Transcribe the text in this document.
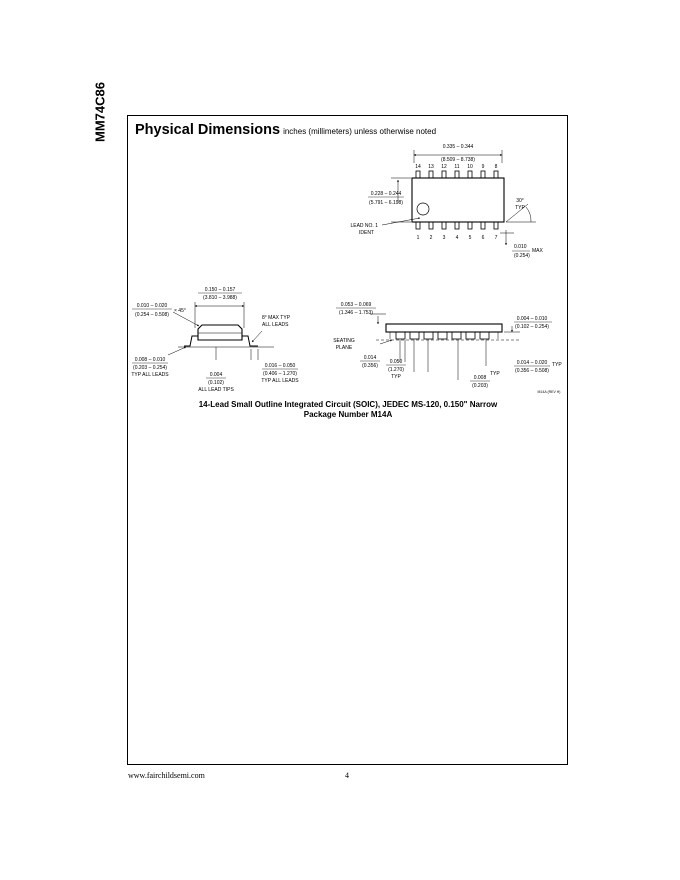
MM74C86 Physical Dimensions inches (millimeters) unless otherwise noted
14 13 12 11 10 9 8
1 2 3 4 5 6 7
0.335 – 0.344
(8.509 – 8.738)
0.228 – 0.244
(5.791 – 6.198)
LEAD NO. 1
IDENT
30°
TYP
0.010
MAX
(0.254)
0.150 – 0.157
(3.810 – 3.988)
0.010 – 0.020
(0.254 – 0.508)
× 45°
8° MAX TYP
ALL LEADS
0.008 – 0.010
(0.203 – 0.254)
TYP ALL LEADS	0.004
(0.102)
ALL LEAD TIPS
0.016 – 0.050
(0.406 – 1.270)
TYP ALL LEADS
0.053 – 0.069
(1.346 – 1.753)
0.004 – 0.010
(0.102 – 0.254)
SEATING
PLANE
0.014
(0.356)
0.050
(1.270)
TYP	0.008
TYP
(0.203)
0.014 – 0.020 TYP
(0.356 – 0.508)
M14A (REV H)
14-Lead Small Outline Integrated Circuit (SOIC), JEDEC MS-120, 0.150" Narrow
Package Number M14A
www.fairchildsemi.com	4
